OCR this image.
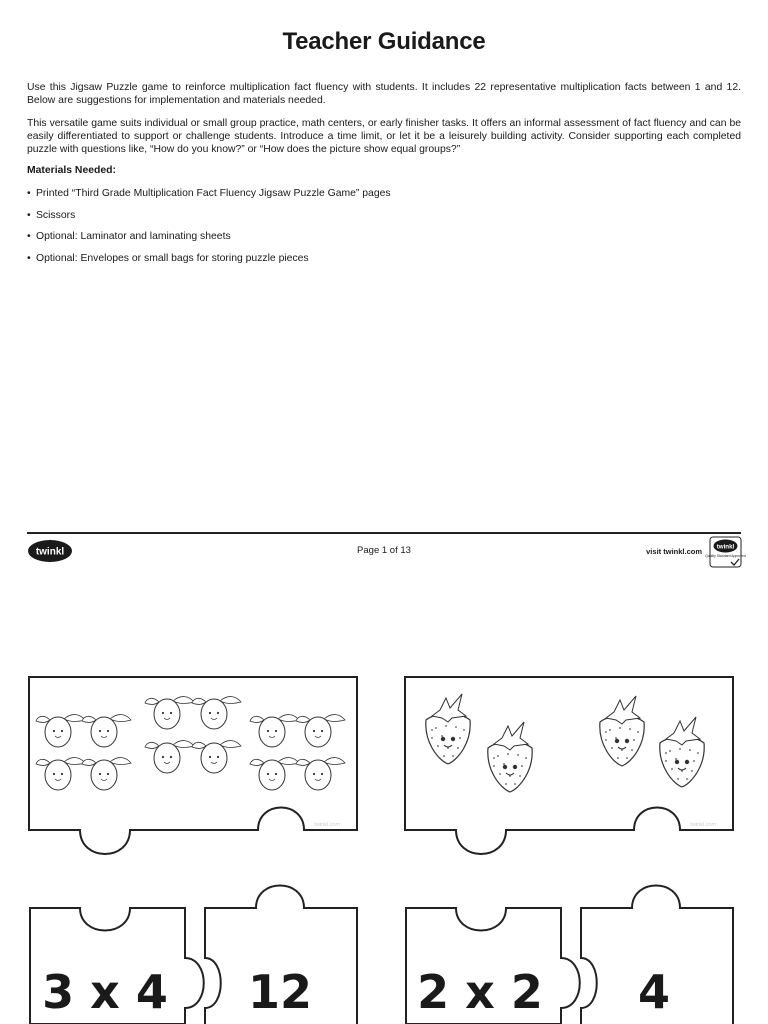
Teacher Guidance
Use this Jigsaw Puzzle game to reinforce multiplication fact fluency with students. It includes 22 representative multiplication facts between 1 and 12. Below are suggestions for implementation and materials needed.
This versatile game suits individual or small group practice, math centers, or early finisher tasks. It offers an informal assessment of fact fluency and can be easily differentiated to support or challenge students. Introduce a time limit, or let it be a leisurely building activity. Consider supporting each completed puzzle with questions like, “How do you know?” or “How does the picture show equal groups?”
Materials Needed:
• Printed “Third Grade Multiplication Fact Fluency Jigsaw Puzzle Game” pages
• Scissors
• Optional: Laminator and laminating sheets
• Optional: Envelopes or small bags for storing puzzle pieces
twinkl	Page 1 of 13	visit twinkl.com
twinkl
Quality Standard Approved
twinkl.com	twinkl.com
3 x 4 12 2 x 2 4
